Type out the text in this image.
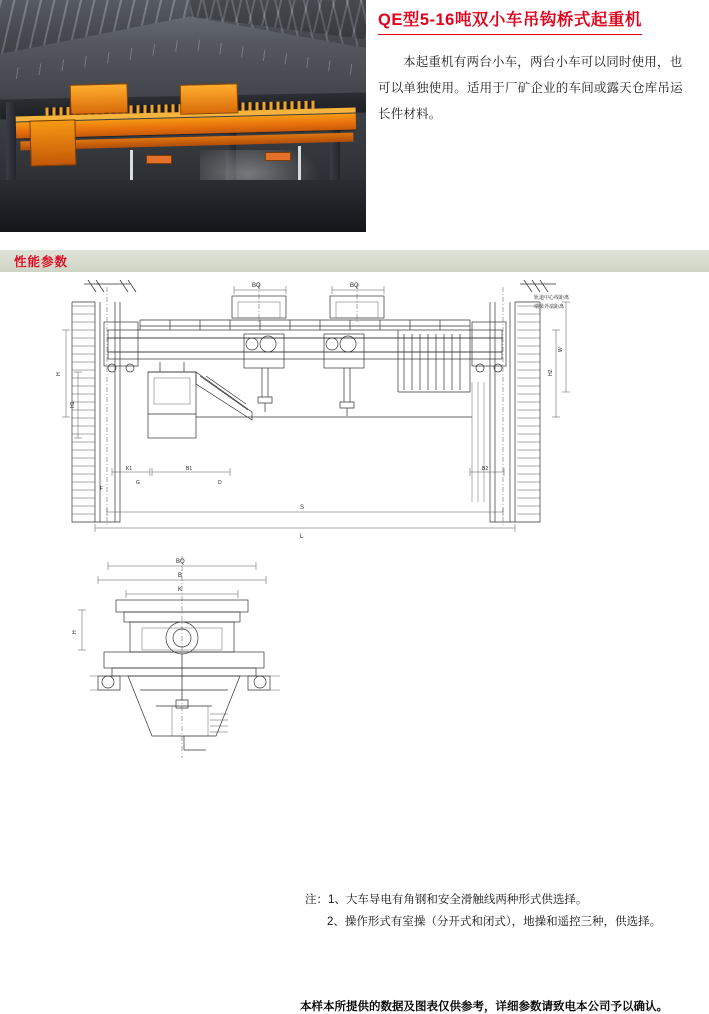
QE型5-16吨双小车吊钩桥式起重机
本起重机有两台小车，两台小车可以同时使用，也可以单独使用。适用于厂矿企业的车间或露天仓库吊运长件材料。
性能参数
BQ	BQ
S
L
H
H1
H2
W
K1	B1	B2
轨道中心线距离
端梁外端距离
F
G	D
BQ
B
K
H
注：1、大车导电有角钢和安全滑触线两种形式供选择。
2、操作形式有室操（分开式和闭式），地操和遥控三种，供选择。
本样本所提供的数据及图表仅供参考，详细参数请致电本公司予以确认。
